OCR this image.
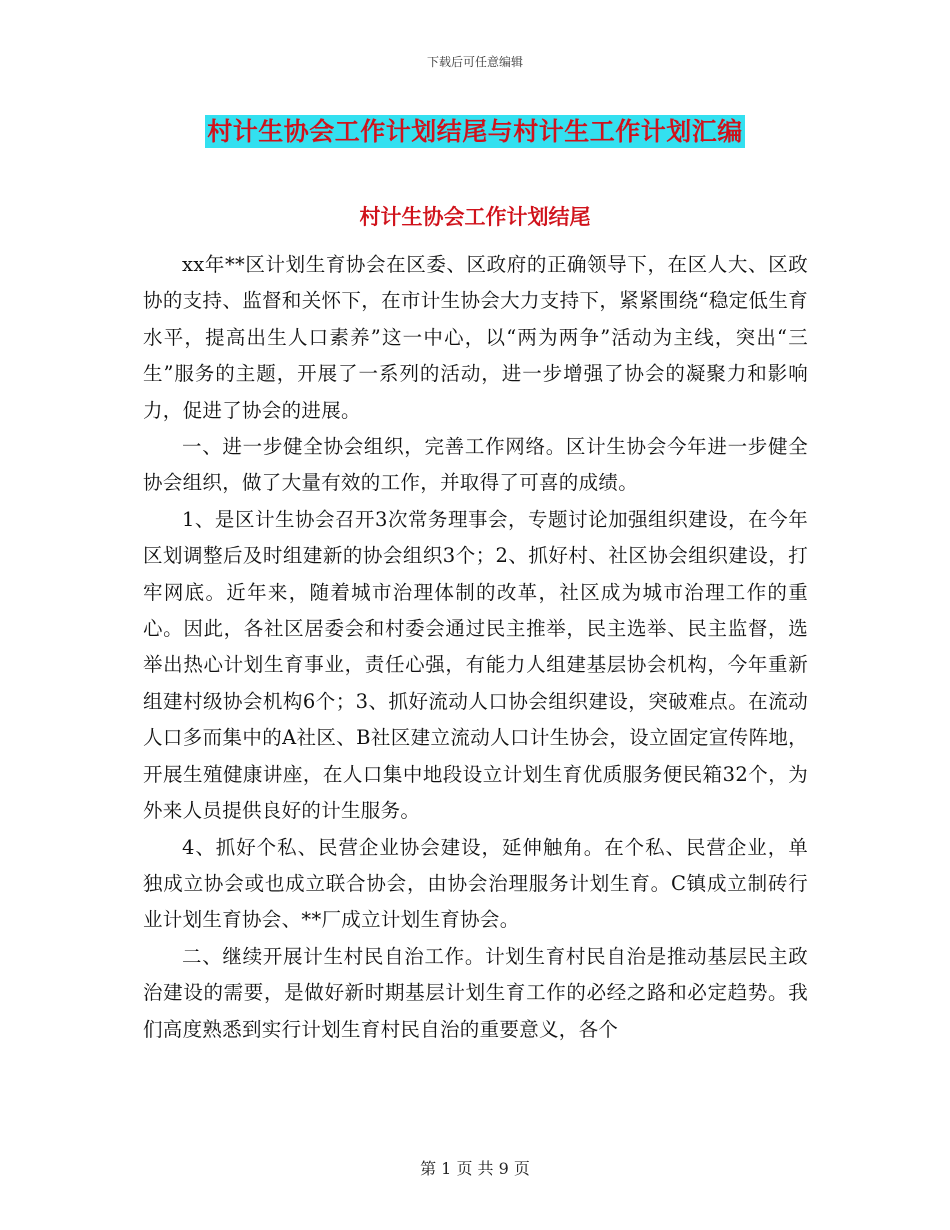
下载后可任意编辑
村计生协会工作计划结尾与村计生工作计划汇编
村计生协会工作计划结尾

xx年**区计划生育协会在区委、区政府的正确领导下，在区人大、区政协的支持、监督和关怀下，在市计生协会大力支持下，紧紧围绕“稳定低生育水平，提高出生人口素养”这一中心，以“两为两争”活动为主线，突出“三生”服务的主题，开展了一系列的活动，进一步增强了协会的凝聚力和影响力，促进了协会的进展。

一、进一步健全协会组织，完善工作网络。区计生协会今年进一步健全协会组织，做了大量有效的工作，并取得了可喜的成绩。

1、是区计生协会召开3次常务理事会，专题讨论加强组织建设，在今年区划调整后及时组建新的协会组织3个；2、抓好村、社区协会组织建设，打牢网底。近年来，随着城市治理体制的改革，社区成为城市治理工作的重心。因此，各社区居委会和村委会通过民主推举，民主选举、民主监督，选举出热心计划生育事业，责任心强，有能力人组建基层协会机构，今年重新组建村级协会机构6个；3、抓好流动人口协会组织建设，突破难点。在流动人口多而集中的A社区、B社区建立流动人口计生协会，设立固定宣传阵地，开展生殖健康讲座，在人口集中地段设立计划生育优质服务便民箱32个，为外来人员提供良好的计生服务。

4、抓好个私、民营企业协会建设，延伸触角。在个私、民营企业，单独成立协会或也成立联合协会，由协会治理服务计划生育。C镇成立制砖行业计划生育协会、**厂成立计划生育协会。

二、继续开展计生村民自治工作。计划生育村民自治是推动基层民主政治建设的需要，是做好新时期基层计划生育工作的必经之路和必定趋势。我们高度熟悉到实行计划生育村民自治的重要意义，各个

第 1 页 共 9 页
